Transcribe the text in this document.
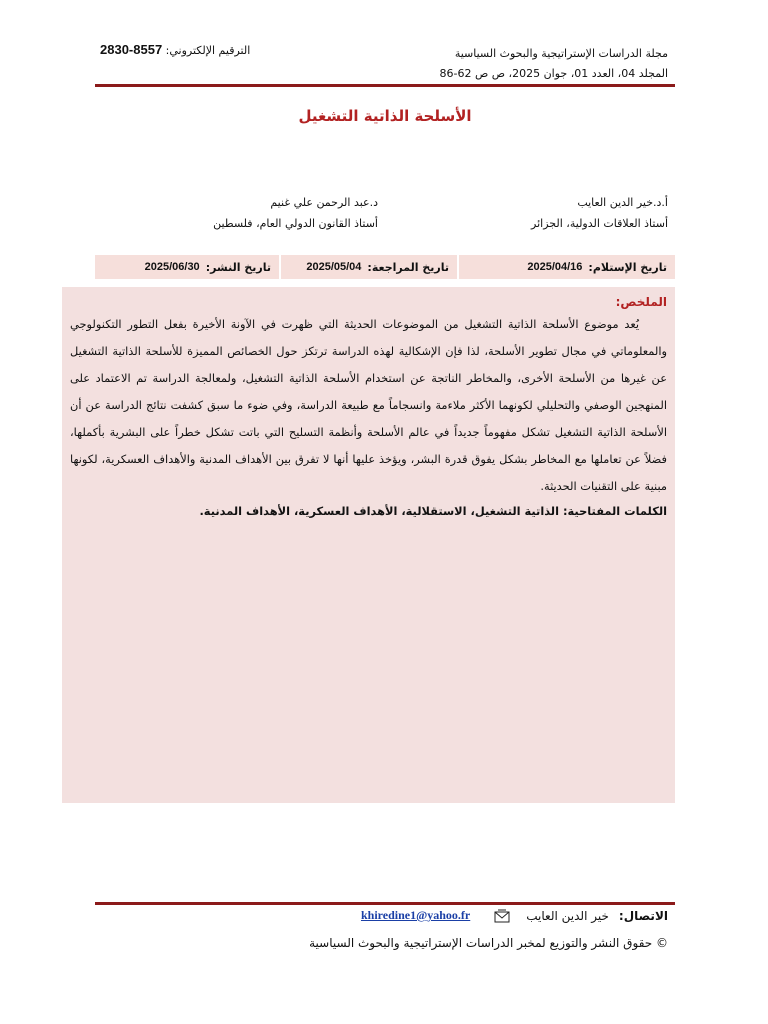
مجلة الدراسات الإستراتيجية والبحوث السياسية
المجلد 04، العدد 01، جوان 2025، ص ص 62-86
الترقيم الإلكتروني: 2830-8557
الأسلحة الذاتية التشغيل
أ.د.خير الدين العايب
أستاذ العلاقات الدولية، الجزائر
د.عبد الرحمن علي غنيم
أستاذ القانون الدولي العام، فلسطين
تاريخ الإستلام:
2025/04/16
تاريخ المراجعة:
2025/05/04
تاريخ النشر:
2025/06/30
الملخص:

يُعد موضوع الأسلحة الذاتية التشغيل من الموضوعات الحديثة التي ظهرت في الآونة الأخيرة بفعل التطور التكنولوجي والمعلوماتي في مجال تطوير الأسلحة، لذا فإن الإشكالية لهذه الدراسة ترتكز حول الخصائص المميزة للأسلحة الذاتية التشغيل عن غيرها من الأسلحة الأخرى، والمخاطر الناتجة عن استخدام الأسلحة الذاتية التشغيل، ولمعالجة الدراسة تم الاعتماد على المنهجين الوصفي والتحليلي لكونهما الأكثر ملاءمة وانسجاماً مع طبيعة الدراسة، وفي ضوء ما سبق كشفت نتائج الدراسة عن أن الأسلحة الذاتية التشغيل تشكل مفهوماً جديداً في عالم الأسلحة وأنظمة التسليح التي باتت تشكل خطراً على البشرية بأكملها، فضلاً عن تعاملها مع المخاطر بشكل يفوق قدرة البشر، ويؤخذ عليها أنها لا تفرق بين الأهداف المدنية والأهداف العسكرية، لكونها مبنية على التقنيات الحديثة.

الكلمات المفتاحية: الذاتية التشغيل، الاستقلالية، الأهداف العسكرية، الأهداف المدنية.

الاتصال:
خير الدين العايب
khiredine1@yahoo.fr
© حقوق النشر والتوزيع لمخبر الدراسات الإستراتيجية والبحوث السياسية
